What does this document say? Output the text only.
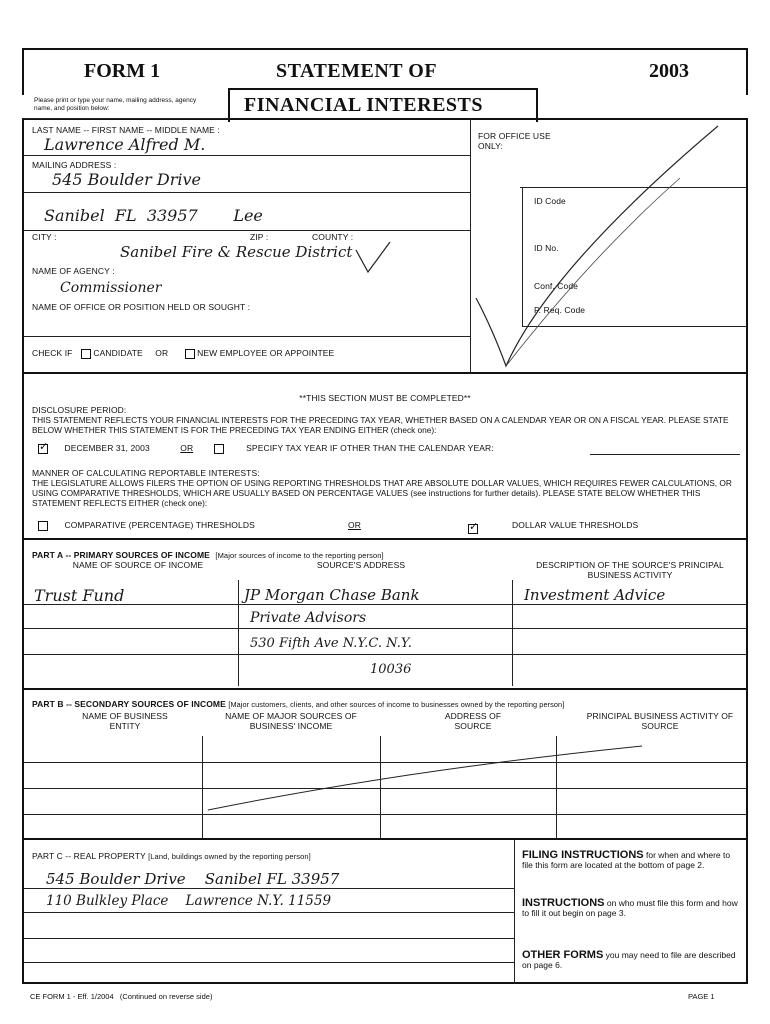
FORM 1	STATEMENT OF	2003
Please print or type your name, mailing address, agency name, and position below:	FINANCIAL INTERESTS
LAST NAME -- FIRST NAME -- MIDDLE NAME :
Lawrence Alfred M.
MAILING ADDRESS :
545 Boulder Drive
Sanibel  FL  33957       Lee
CITY :	ZIP :	COUNTY :
Sanibel Fire & Rescue District
NAME OF AGENCY :
Commissioner
NAME OF OFFICE OR POSITION HELD OR SOUGHT :
CHECK IF CANDIDATE OR	NEW EMPLOYEE OR APPOINTEE
FOR OFFICE USE ONLY:
ID Code
ID No.
Conf. Code
P. Req. Code
**THIS SECTION MUST BE COMPLETED**
DISCLOSURE PERIOD:
THIS STATEMENT REFLECTS YOUR FINANCIAL INTERESTS FOR THE PRECEDING TAX YEAR, WHETHER BASED ON A CALENDAR YEAR OR ON A FISCAL YEAR. PLEASE STATE BELOW WHETHER THIS STATEMENT IS FOR THE PRECEDING TAX YEAR ENDING EITHER (check one):
✓ DECEMBER 31, 2003	OR	SPECIFY TAX YEAR IF OTHER THAN THE CALENDAR YEAR:
MANNER OF CALCULATING REPORTABLE INTERESTS:
THE LEGISLATURE ALLOWS FILERS THE OPTION OF USING REPORTING THRESHOLDS THAT ARE ABSOLUTE DOLLAR VALUES, WHICH REQUIRES FEWER CALCULATIONS, OR USING COMPARATIVE THRESHOLDS, WHICH ARE USUALLY BASED ON PERCENTAGE VALUES (see instructions for further details). PLEASE STATE BELOW WHETHER THIS STATEMENT REFLECTS EITHER (check one):
COMPARATIVE (PERCENTAGE) THRESHOLDS	OR
✓	DOLLAR VALUE THRESHOLDS
PART A -- PRIMARY SOURCES OF INCOME [Major sources of income to the reporting person]
NAME OF SOURCE OF INCOME	SOURCE'S ADDRESS	DESCRIPTION OF THE SOURCE'S PRINCIPAL BUSINESS ACTIVITY
Trust Fund	JP Morgan Chase Bank	Investment Advice
Private Advisors
530 Fifth Ave N.Y.C. N.Y.
10036
PART B -- SECONDARY SOURCES OF INCOME [Major customers, clients, and other sources of income to businesses owned by the reporting person]
NAME OF BUSINESS ENTITY
NAME OF MAJOR SOURCES OF BUSINESS' INCOME
ADDRESS OF SOURCE
PRINCIPAL BUSINESS ACTIVITY OF SOURCE
PART C -- REAL PROPERTY [Land, buildings owned by the reporting person]
545 Boulder Drive    Sanibel FL 33957
110 Bulkley Place    Lawrence N.Y. 11559
FILING INSTRUCTIONS for when and where to file this form are located at the bottom of page 2.
INSTRUCTIONS on who must file this form and how to fill it out begin on page 3.
OTHER FORMS you may need to file are described on page 6.
CE FORM 1 - Eff. 1/2004   (Continued on reverse side)	PAGE 1
